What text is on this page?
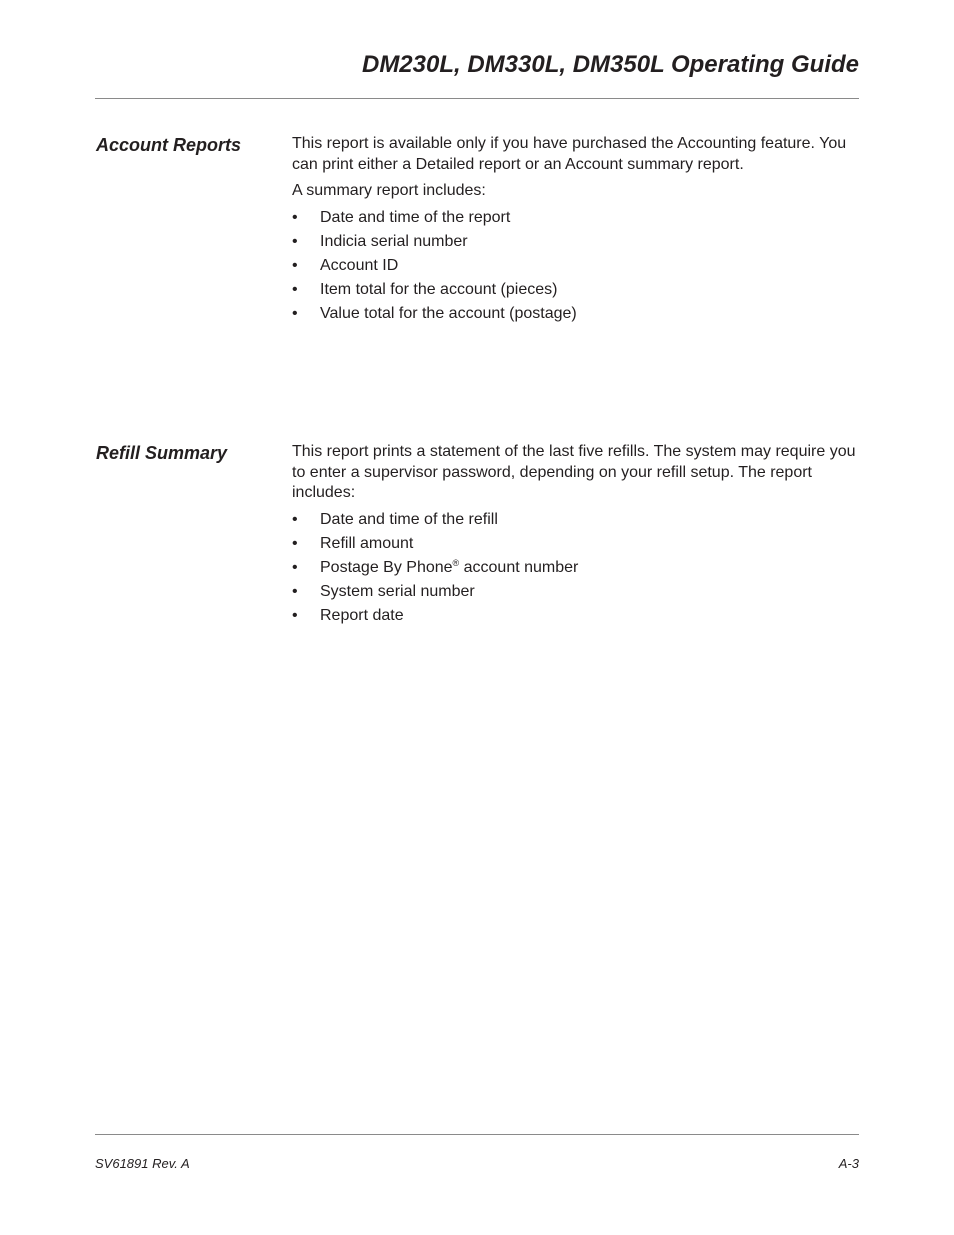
DM230L, DM330L, DM350L Operating Guide
Account Reports	This report is available only if you have purchased the Accounting feature. You can print either a Detailed report or an Account summary report.

A summary report includes:

• Date and time of the report
• Indicia serial number
• Account ID
• Item total for the account (pieces)
• Value total for the account (postage)
Refill Summary	This report prints a statement of the last five refills. The system may require you to enter a supervisor password, depending on your refill setup. The report includes:

• Date and time of the refill
• Refill amount
• Postage By Phone® account number
• System serial number
• Report date
SV61891 Rev. A	A-3
